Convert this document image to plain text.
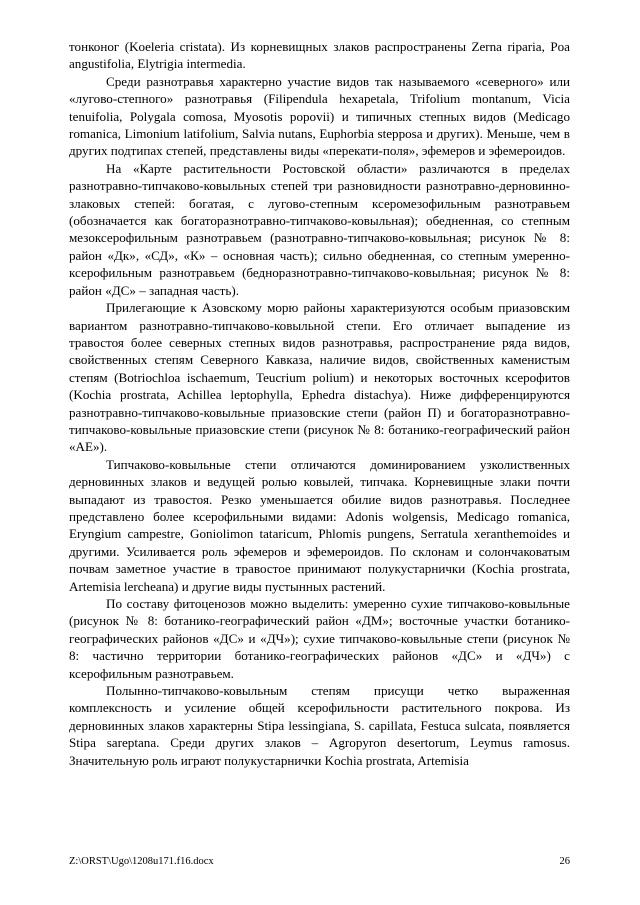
тонконог (Koeleria cristata). Из корневищных злаков распространены Zerna riparia, Poa angustifolia, Elytrigia intermedia.

Среди разнотравья характерно участие видов так называемого «северного» или «лугово-степного» разнотравья (Filipendula hexapetala, Trifolium montanum, Vicia tenuifolia, Polygala comosa, Myosotis popovii) и типичных степных видов (Medicago romanica, Limonium latifolium, Salvia nutans, Euphorbia stepposa и других). Меньше, чем в других подтипах степей, представлены виды «перекати-поля», эфемеров и эфемероидов.

На «Карте растительности Ростовской области» различаются в пределах разнотравно-типчаково-ковыльных степей три разновидности разнотравно-дерновинно-злаковых степей: богатая, с лугово-степным ксеромезофильным разнотравьем (обозначается как богаторазнотравно-типчаково-ковыльная); обедненная, со степным мезоксерофильным разнотравьем (разнотравно-типчаково-ковыльная; рисунок № 8: район «Дк», «СД», «К» – основная часть); сильно обедненная, со степным умеренно-ксерофильным разнотравьем (бедноразнотравно-типчаково-ковыльная; рисунок № 8: район «ДС» – западная часть).

Прилегающие к Азовскому морю районы характеризуются особым приазовским вариантом разнотравно-типчаково-ковыльной степи. Его отличает выпадение из травостоя более северных степных видов разнотравья, распространение ряда видов, свойственных степям Северного Кавказа, наличие видов, свойственных каменистым степям (Botriochloa ischaemum, Teucrium polium) и некоторых восточных ксерофитов (Kochia prostrata, Achillea leptophylla, Ephedra distachya). Ниже дифференцируются разнотравно-типчаково-ковыльные приазовские степи (район П) и богаторазнотравно-типчаково-ковыльные приазовские степи (рисунок № 8: ботанико-географический район «АЕ»).

Типчаково-ковыльные степи отличаются доминированием узколиственных дерновинных злаков и ведущей ролью ковылей, типчака. Корневищные злаки почти выпадают из травостоя. Резко уменьшается обилие видов разнотравья. Последнее представлено более ксерофильными видами: Adonis wolgensis, Medicago romanica, Eryngium campestre, Goniolimon tataricum, Phlomis pungens, Serratula xeranthemoides и другими. Усиливается роль эфемеров и эфемероидов. По склонам и солончаковатым почвам заметное участие в травостое принимают полукустарнички (Kochia prostrata, Artemisia lercheana) и другие виды пустынных растений.

По составу фитоценозов можно выделить: умеренно сухие типчаково-ковыльные (рисунок № 8: ботанико-географический район «ДМ»; восточные участки ботанико-географических районов «ДС» и «ДЧ»); сухие типчаково-ковыльные степи (рисунок № 8: частично территории ботанико-географических районов «ДС» и «ДЧ») с ксерофильным разнотравьем.

Полынно-типчаково-ковыльным степям присущи четко выраженная комплексность и усиление общей ксерофильности растительного покрова. Из дерновинных злаков характерны Stipa lessingiana, S. capillata, Festuca sulcata, появляется Stipa sareptana. Среди других злаков – Agropyron desertorum, Leymus ramosus. Значительную роль играют полукустарнички Kochia prostrata, Artemisia

Z:\ORST\Ugo\1208u171.f16.docx	26
